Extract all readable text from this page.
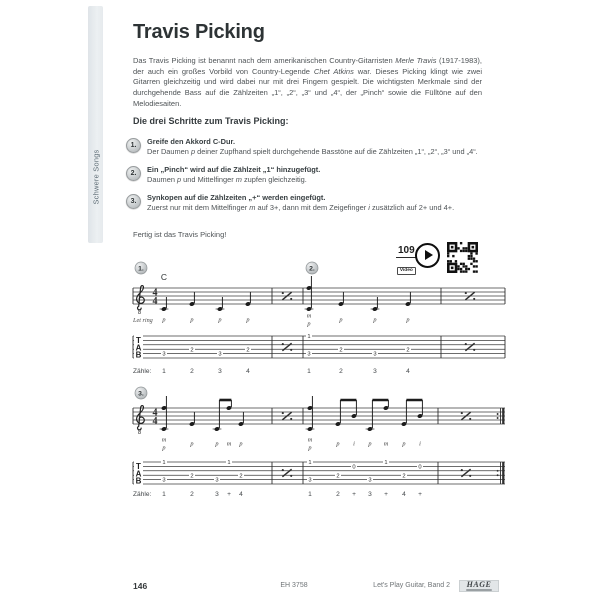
Schwere Songs
Travis Picking

Das Travis Picking ist benannt nach dem amerikanischen Country-Gitarristen Merle Travis (1917-1983), der auch ein großes Vorbild von Country-Legende Chet Atkins war. Dieses Picking klingt wie zwei Gitarren gleichzeitig und wird dabei nur mit drei Fingern gespielt. Die wichtigsten Merkmale sind der durchgehende Bass auf die Zählzeiten „1“, „2“, „3“ und „4“, der „Pinch“ sowie die Fülltöne auf den Melodiesaiten.

Die drei Schritte zum Travis Picking:
1.	Greife den Akkord C-Dur.
Der Daumen p deiner Zupfhand spielt durchgehende Basstöne auf die Zählzeiten „1“, „2“, „3“ und „4“.
2.	Ein „Pinch“ wird auf die Zählzeit „1“ hinzugefügt.
Daumen p und Mittelfinger m zupfen gleichzeitig.
3.	Synkopen auf die Zählzeiten „+“ werden eingefügt.
Zuerst nur mit dem Mittelfinger m auf 3+, dann mit dem Zeigefinger i zusätzlich auf 2+ und 4+.

Fertig ist das Travis Picking!

109
Video
8
4
4
1.	2.
C
Let ring p	p	p	p
m
p
p	p	p
T
A
B	3
2
3
2
1
3
2
3
2
Zähle: 1	2	3	4	1	2	3	4
8
4
4
3.
m
p
p	p m p
m
p
p i p m p i
T
A
B
1
3
2
3
1
2
1
3
2
0
3
1
2
0
Zähle: 1	2	3 + 4	1	2 + 3 + 4 +
146	EH 3758	Let's Play Guitar, Band 2	HAGE
